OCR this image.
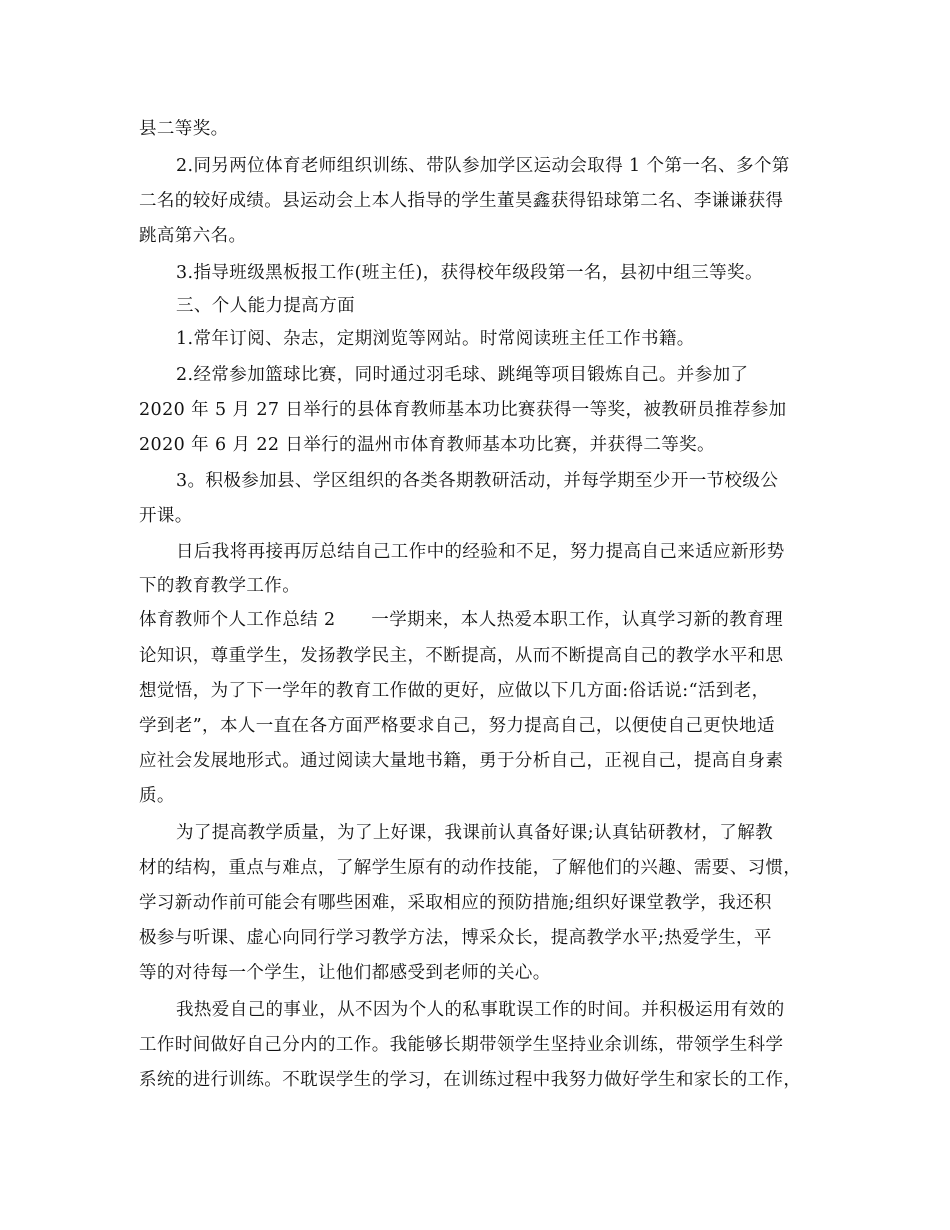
县二等奖。
2.同另两位体育老师组织训练、带队参加学区运动会取得 1 个第一名、多个第
二名的较好成绩。县运动会上本人指导的学生董昊鑫获得铅球第二名、李谦谦获得
跳高第六名。
3.指导班级黑板报工作(班主任)，获得校年级段第一名，县初中组三等奖。
三、个人能力提高方面
1.常年订阅、杂志，定期浏览等网站。时常阅读班主任工作书籍。
2.经常参加篮球比赛，同时通过羽毛球、跳绳等项目锻炼自己。并参加了
2020 年 5 月 27 日举行的县体育教师基本功比赛获得一等奖，被教研员推荐参加
2020 年 6 月 22 日举行的温州市体育教师基本功比赛，并获得二等奖。
3。积极参加县、学区组织的各类各期教研活动，并每学期至少开一节校级公
开课。
日后我将再接再厉总结自己工作中的经验和不足，努力提高自己来适应新形势
下的教育教学工作。
体育教师个人工作总结 2　　一学期来，本人热爱本职工作，认真学习新的教育理
论知识，尊重学生，发扬教学民主，不断提高，从而不断提高自己的教学水平和思
想觉悟，为了下一学年的教育工作做的更好，应做以下几方面:俗话说:“活到老，
学到老”，本人一直在各方面严格要求自己，努力提高自己，以便使自己更快地适
应社会发展地形式。通过阅读大量地书籍，勇于分析自己，正视自己，提高自身素
质。
为了提高教学质量，为了上好课，我课前认真备好课;认真钻研教材，了解教
材的结构，重点与难点，了解学生原有的动作技能，了解他们的兴趣、需要、习惯，
学习新动作前可能会有哪些困难，采取相应的预防措施;组织好课堂教学，我还积
极参与听课、虚心向同行学习教学方法，博采众长，提高教学水平;热爱学生，平
等的对待每一个学生，让他们都感受到老师的关心。
我热爱自己的事业，从不因为个人的私事耽误工作的时间。并积极运用有效的
工作时间做好自己分内的工作。我能够长期带领学生坚持业余训练，带领学生科学
系统的进行训练。不耽误学生的学习，在训练过程中我努力做好学生和家长的工作，
